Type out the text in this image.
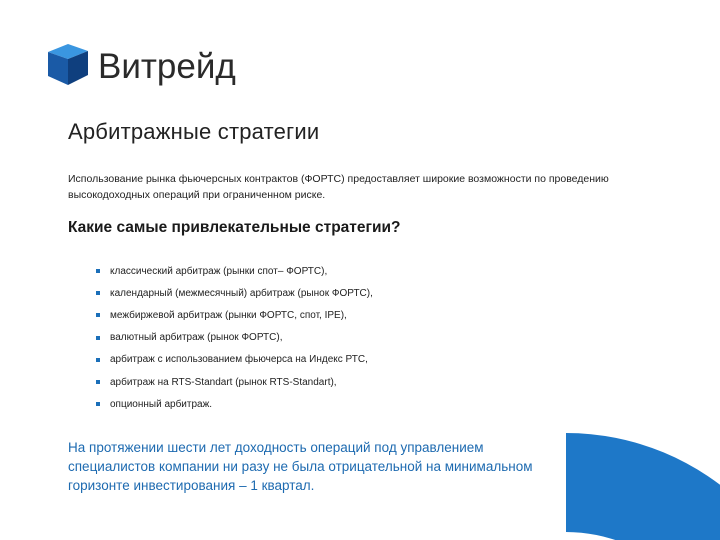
Витрейд
Арбитражные стратегии
Использование рынка фьючерсных контрактов (ФОРТС) предоставляет широкие возможности по проведению высокодоходных операций при ограниченном риске.
Какие самые привлекательные стратегии?
классический арбитраж (рынки спот– ФОРТС),
календарный (межмесячный) арбитраж (рынок ФОРТС),
межбиржевой арбитраж (рынки ФОРТС, спот, IPE),
валютный арбитраж (рынок ФОРТС),
арбитраж с использованием фьючерса на Индекс РТС,
арбитраж на RTS-Standart (рынок RTS-Standart),
опционный арбитраж.
На протяжении шести лет доходность операций под управлением специалистов компании ни разу не была отрицательной на минимальном горизонте инвестирования – 1 квартал.
